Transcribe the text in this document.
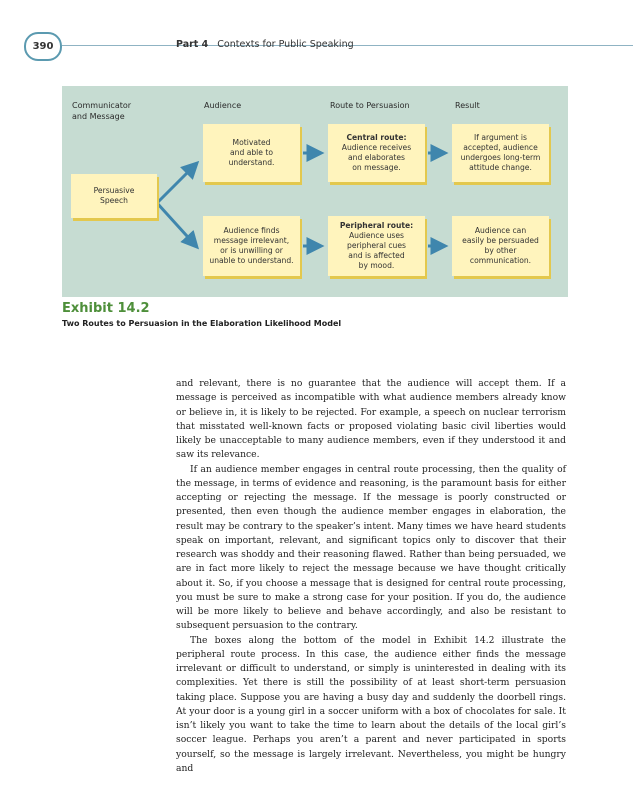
390	Part 4 Contexts for Public Speaking
Communicator
and Message
Audience	Route to Persuasion	Result
Persuasive
Speech
Motivated
and able to
understand.
Central route:
Audience receives
and elaborates
on message.
If argument is
accepted, audience
undergoes long-term
attitude change.
Audience finds
message irrelevant,
or is unwilling or
unable to understand.
Peripheral route:
Audience uses
peripheral cues
and is affected
by mood.
Audience can
easily be persuaded
by other
communication.
Exhibit 14.2
Two Routes to Persuasion in the Elaboration Likelihood Model

and relevant, there is no guarantee that the audience will accept them. If a message is perceived as incompatible with what audience members already know or believe in, it is likely to be rejected. For example, a speech on nuclear terrorism that misstated well-known facts or proposed violating basic civil liberties would likely be unacceptable to many audience members, even if they understood it and saw its relevance.

If an audience member engages in central route processing, then the quality of the message, in terms of evidence and reasoning, is the paramount basis for either accepting or rejecting the message. If the message is poorly constructed or presented, then even though the audience member engages in elaboration, the result may be contrary to the speaker’s intent. Many times we have heard students speak on important, relevant, and significant topics only to discover that their research was shoddy and their reasoning flawed. Rather than being persuaded, we are in fact more likely to reject the message because we have thought critically about it. So, if you choose a message that is designed for central route processing, you must be sure to make a strong case for your position. If you do, the audience will be more likely to believe and behave accordingly, and also be resistant to subsequent persuasion to the contrary.

The boxes along the bottom of the model in Exhibit 14.2 illustrate the peripheral route process. In this case, the audience either finds the message irrelevant or difficult to understand, or simply is uninterested in dealing with its complexities. Yet there is still the possibility of at least short-term persuasion taking place. Suppose you are having a busy day and suddenly the doorbell rings. At your door is a young girl in a soccer uniform with a box of chocolates for sale. It isn’t likely you want to take the time to learn about the details of the local girl’s soccer league. Perhaps you aren’t a parent and never participated in sports yourself, so the message is largely irrelevant. Nevertheless, you might be hungry and
